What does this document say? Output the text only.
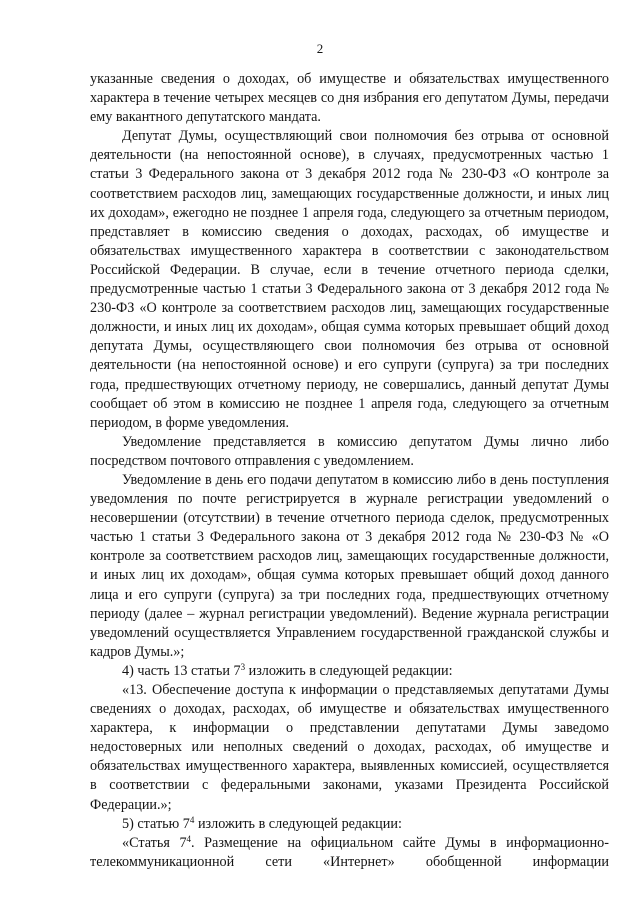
2

указанные сведения о доходах, об имуществе и обязательствах имущественного характера в течение четырех месяцев со дня избрания его депутатом Думы, передачи ему вакантного депутатского мандата.

Депутат Думы, осуществляющий свои полномочия без отрыва от основной деятельности (на непостоянной основе), в случаях, предусмотренных частью 1 статьи 3 Федерального закона от 3 декабря 2012 года № 230-ФЗ «О контроле за соответствием расходов лиц, замещающих государственные должности, и иных лиц их доходам», ежегодно не позднее 1 апреля года, следующего за отчетным периодом, представляет в комиссию сведения о доходах, расходах, об имуществе и обязательствах имущественного характера в соответствии с законодательством Российской Федерации. В случае, если в течение отчетного периода сделки, предусмотренные частью 1 статьи 3 Федерального закона от 3 декабря 2012 года № 230-ФЗ «О контроле за соответствием расходов лиц, замещающих государственные должности, и иных лиц их доходам», общая сумма которых превышает общий доход депутата Думы, осуществляющего свои полномочия без отрыва от основной деятельности (на непостоянной основе) и его супруги (супруга) за три последних года, предшествующих отчетному периоду, не совершались, данный депутат Думы сообщает об этом в комиссию не позднее 1 апреля года, следующего за отчетным периодом, в форме уведомления.

Уведомление представляется в комиссию депутатом Думы лично либо посредством почтового отправления с уведомлением.

Уведомление в день его подачи депутатом в комиссию либо в день поступления уведомления по почте регистрируется в журнале регистрации уведомлений о несовершении (отсутствии) в течение отчетного периода сделок, предусмотренных частью 1 статьи 3 Федерального закона от 3 декабря 2012 года № 230-ФЗ № «О контроле за соответствием расходов лиц, замещающих государственные должности, и иных лиц их доходам», общая сумма которых превышает общий доход данного лица и его супруги (супруга) за три последних года, предшествующих отчетному периоду (далее – журнал регистрации уведомлений). Ведение журнала регистрации уведомлений осуществляется Управлением государственной гражданской службы и кадров Думы.»;

4) часть 13 статьи $7^3$ изложить в следующей редакции:

«13. Обеспечение доступа к информации о представляемых депутатами Думы сведениях о доходах, расходах, об имуществе и обязательствах имущественного характера, к информации о представлении депутатами Думы заведомо недостоверных или неполных сведений о доходах, расходах, об имуществе и обязательствах имущественного характера, выявленных комиссией, осуществляется в соответствии с федеральными законами, указами Президента Российской Федерации.»;

5) статью $7^4$ изложить в следующей редакции:

«Статья $7^4$. Размещение на официальном сайте Думы в информационно-телекоммуникационной сети «Интернет» обобщенной информации
